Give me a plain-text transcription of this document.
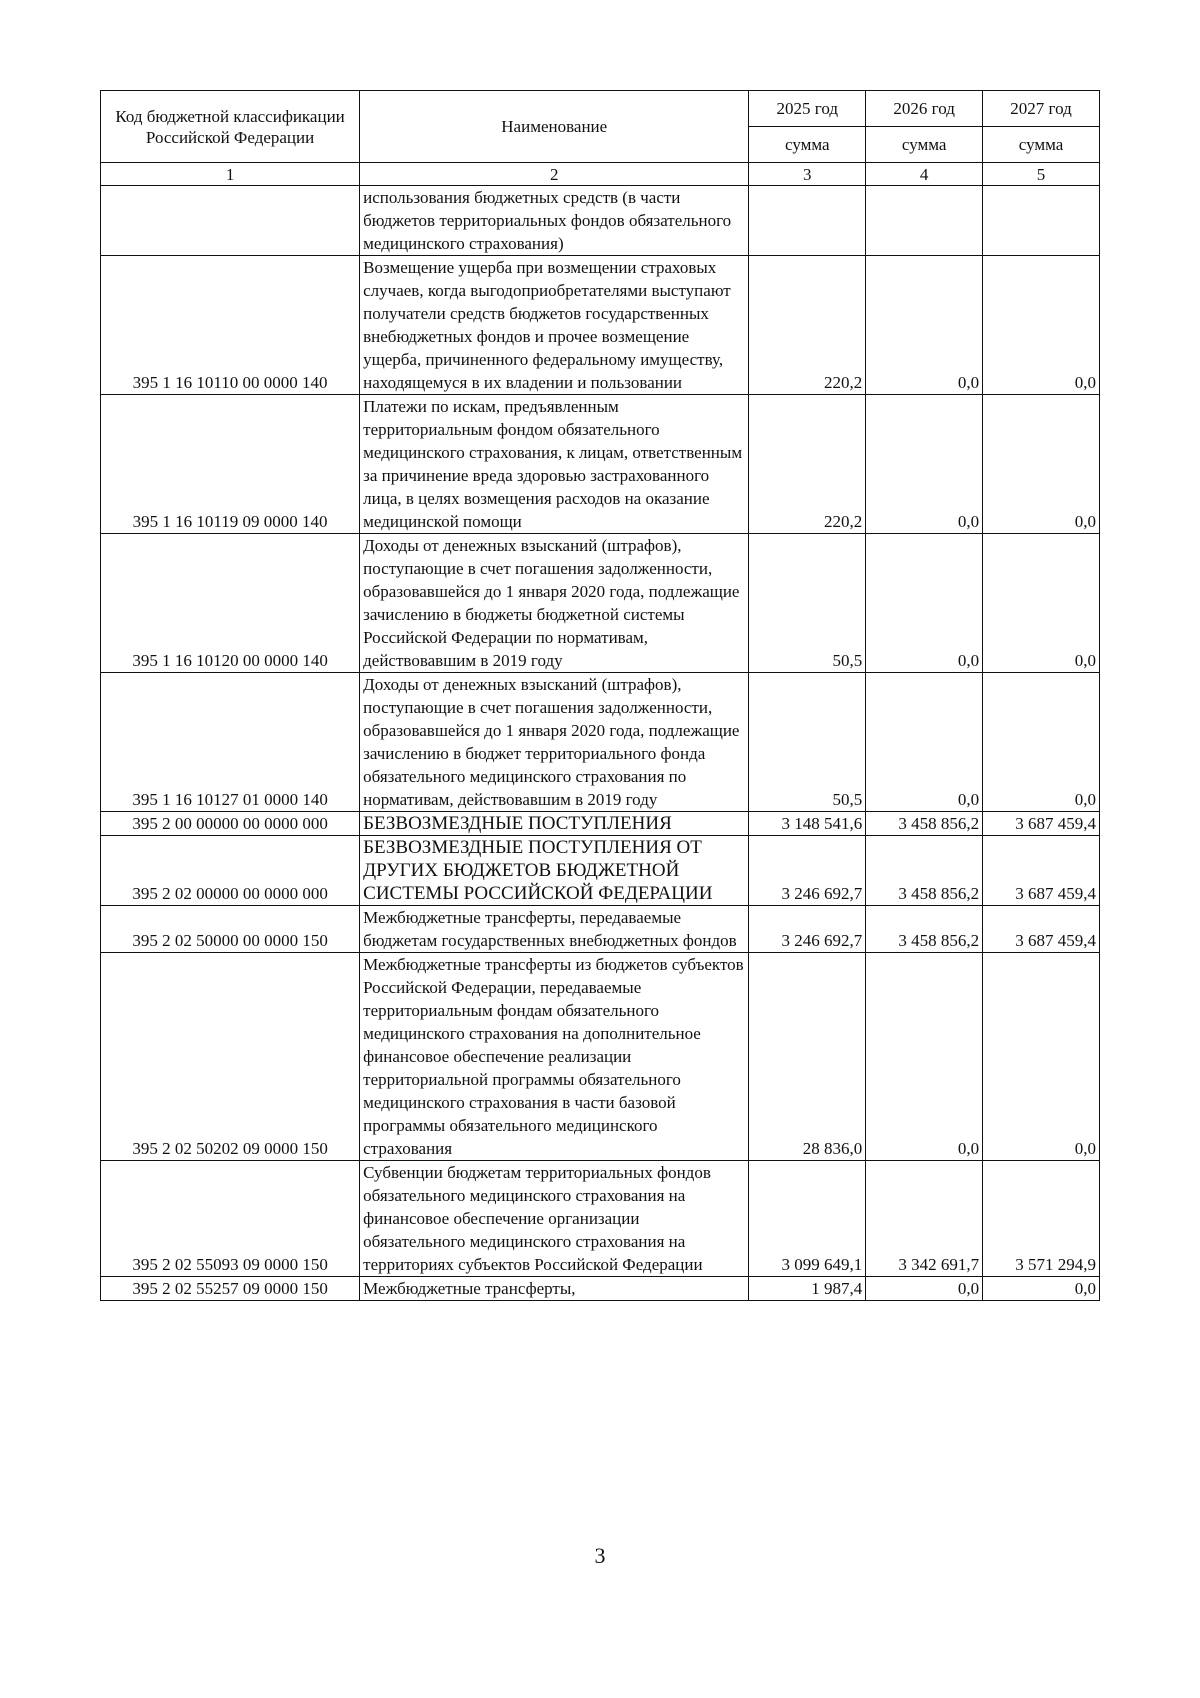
Код бюджетной классификации Российской Федерации	Наименование	2025 год	2026 год	2027 год
		сумма	сумма	сумма
1	2	3	4	5
	использования бюджетных средств (в части бюджетов территориальных фондов обязательного медицинского страхования)			
395 1 16 10110 00 0000 140	Возмещение ущерба при возмещении страховых случаев, когда выгодоприобретателями выступают получатели средств бюджетов государственных внебюджетных фондов и прочее возмещение ущерба, причиненного федеральному имуществу, находящемуся в их владении и пользовании	220,2	0,0	0,0
395 1 16 10119 09 0000 140	Платежи по искам, предъявленным территориальным фондом обязательного медицинского страхования, к лицам, ответственным за причинение вреда здоровью застрахованного лица, в целях возмещения расходов на оказание медицинской помощи	220,2	0,0	0,0
395 1 16 10120 00 0000 140	Доходы от денежных взысканий (штрафов), поступающие в счет погашения задолженности, образовавшейся до 1 января 2020 года, подлежащие зачислению в бюджеты бюджетной системы Российской Федерации по нормативам, действовавшим в 2019 году	50,5	0,0	0,0
395 1 16 10127 01 0000 140	Доходы от денежных взысканий (штрафов), поступающие в счет погашения задолженности, образовавшейся до 1 января 2020 года, подлежащие зачислению в бюджет территориального фонда обязательного медицинского страхования по нормативам, действовавшим в 2019 году	50,5	0,0	0,0
395 2 00 00000 00 0000 000	БЕЗВОЗМЕЗДНЫЕ ПОСТУПЛЕНИЯ	3 148 541,6	3 458 856,2	3 687 459,4
395 2 02 00000 00 0000 000	БЕЗВОЗМЕЗДНЫЕ ПОСТУПЛЕНИЯ ОТ ДРУГИХ БЮДЖЕТОВ БЮДЖЕТНОЙ СИСТЕМЫ РОССИЙСКОЙ ФЕДЕРАЦИИ	3 246 692,7	3 458 856,2	3 687 459,4
395 2 02 50000 00 0000 150	Межбюджетные трансферты, передаваемые бюджетам государственных внебюджетных фондов	3 246 692,7	3 458 856,2	3 687 459,4
395 2 02 50202 09 0000 150	Межбюджетные трансферты из бюджетов субъектов Российской Федерации, передаваемые территориальным фондам обязательного медицинского страхования на дополнительное финансовое обеспечение реализации территориальной программы обязательного медицинского страхования в части базовой программы обязательного медицинского страхования	28 836,0	0,0	0,0
395 2 02 55093 09 0000 150	Субвенции бюджетам территориальных фондов обязательного медицинского страхования на финансовое обеспечение организации обязательного медицинского страхования на территориях субъектов Российской Федерации	3 099 649,1	3 342 691,7	3 571 294,9
395 2 02 55257 09 0000 150	Межбюджетные трансферты,	1 987,4	0,0	0,0
3
